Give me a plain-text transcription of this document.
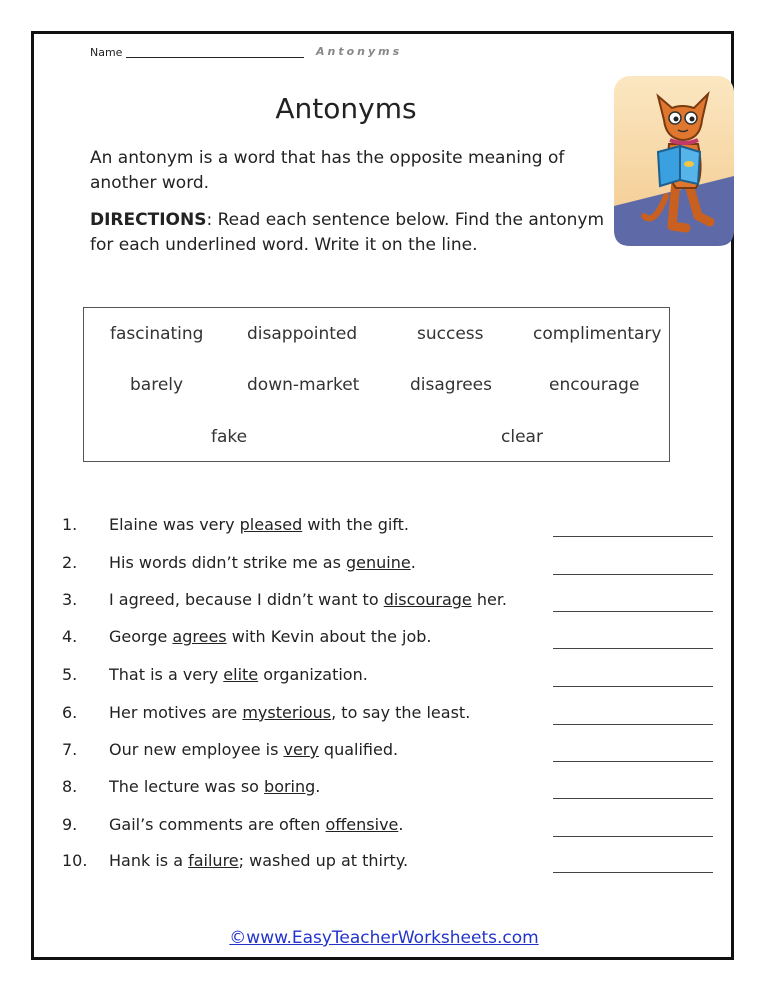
Name	Antonyms
Antonyms
An antonym is a word that has the opposite meaning of another word.
DIRECTIONS: Read each sentence below. Find the antonym for each underlined word. Write it on the line.
fascinating	disappointed	success	complimentary
barely	down-market	disagrees	encourage
fake	clear
1. Elaine was very pleased with the gift.
2. His words didn’t strike me as genuine.
3. I agreed, because I didn’t want to discourage her.
4. George agrees with Kevin about the job.
5. That is a very elite organization.
6. Her motives are mysterious, to say the least.
7. Our new employee is very qualified.
8. The lecture was so boring.
9. Gail’s comments are often offensive.
10. Hank is a failure; washed up at thirty.
©www.EasyTeacherWorksheets.com
